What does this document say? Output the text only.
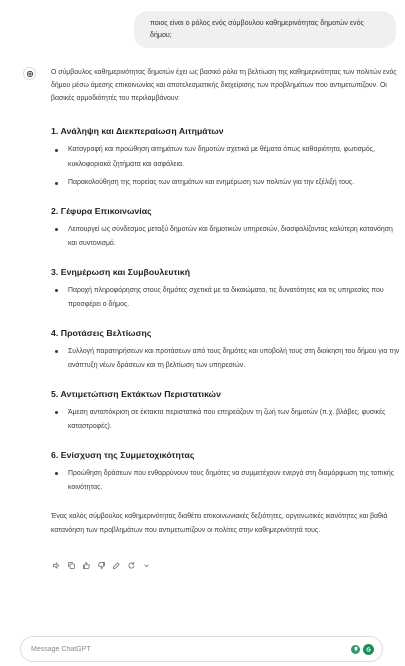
ποιος είναι ο ρόλος ενός σύμβουλου καθημερινότητας δημοτών ενός δήμου;

Ο σύμβουλος καθημερινότητας δημοτών έχει ως βασικό ρόλο τη βελτίωση της καθημερινότητας των πολιτών ενός δήμου μέσω άμεσης επικοινωνίας και αποτελεσματικής διαχείρισης των προβλημάτων που αντιμετωπίζουν. Οι βασικές αρμοδιότητές του περιλαμβάνουν:

1. Ανάληψη και Διεκπεραίωση Αιτημάτων
Καταγραφή και προώθηση αιτημάτων των δημοτών σχετικά με θέματα όπως καθαριότητα, φωτισμός, κυκλοφοριακά ζητήματα και ασφάλεια.
Παρακολούθηση της πορείας των αιτημάτων και ενημέρωση των πολιτών για την εξέλιξή τους.
2. Γέφυρα Επικοινωνίας
Λειτουργεί ως σύνδεσμος μεταξύ δημοτών και δημοτικών υπηρεσιών, διασφαλίζοντας καλύτερη κατανόηση και συντονισμό.
3. Ενημέρωση και Συμβουλευτική
Παροχή πληροφόρησης στους δημότες σχετικά με τα δικαιώματα, τις δυνατότητες και τις υπηρεσίες που προσφέρει ο δήμος.
4. Προτάσεις Βελτίωσης
Συλλογή παρατηρήσεων και προτάσεων από τους δημότες και υποβολή τους στη διοίκηση του δήμου για την ανάπτυξη νέων δράσεων και τη βελτίωση των υπηρεσιών.
5. Αντιμετώπιση Εκτάκτων Περιστατικών
Άμεση ανταπόκριση σε έκτακτα περιστατικά που επηρεάζουν τη ζωή των δημοτών (π.χ. βλάβες, φυσικές καταστροφές).
6. Ενίσχυση της Συμμετοχικότητας
Προώθηση δράσεων που ενθαρρύνουν τους δημότες να συμμετέχουν ενεργά στη διαμόρφωση της τοπικής κοινότητας.

Ένας καλός σύμβουλος καθημερινότητας διαθέτει επικοινωνιακές δεξιότητες, οργανωτικές ικανότητες και βαθιά κατανόηση των προβλημάτων που αντιμετωπίζουν οι πολίτες στην καθημερινότητά τους.

Message ChatGPT
